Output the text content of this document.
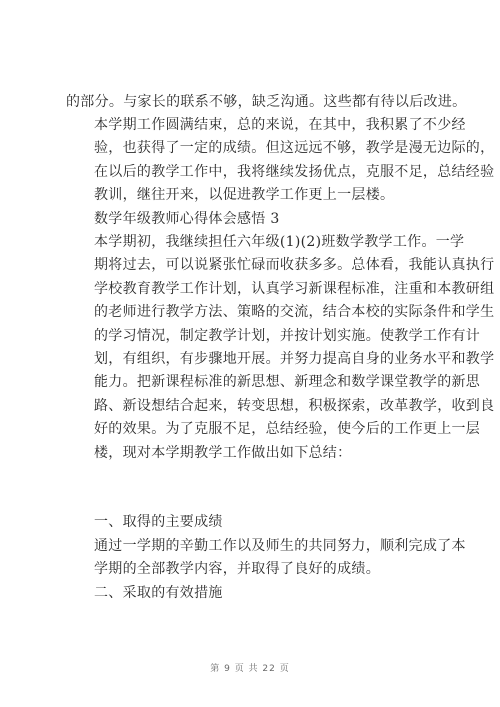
的部分。与家长的联系不够，缺乏沟通。这些都有待以后改进。
本学期工作圆满结束，总的来说，在其中，我积累了不少经
验，也获得了一定的成绩。但这远远不够，教学是漫无边际的，
在以后的教学工作中，我将继续发扬优点，克服不足，总结经验
教训，继往开来，以促进教学工作更上一层楼。
数学年级教师心得体会感悟 3
本学期初，我继续担任六年级(1)(2)班数学教学工作。一学
期将过去，可以说紧张忙碌而收获多多。总体看，我能认真执行
学校教育教学工作计划，认真学习新课程标准，注重和本教研组
的老师进行教学方法、策略的交流，结合本校的实际条件和学生
的学习情况，制定教学计划，并按计划实施。使教学工作有计
划，有组织，有步骤地开展。并努力提高自身的业务水平和教学
能力。把新课程标准的新思想、新理念和数学课堂教学的新思
路、新设想结合起来，转变思想，积极探索，改革教学，收到良
好的效果。为了克服不足，总结经验，使今后的工作更上一层
楼，现对本学期教学工作做出如下总结：
一、取得的主要成绩
通过一学期的辛勤工作以及师生的共同努力，顺利完成了本
学期的全部教学内容，并取得了良好的成绩。
二、采取的有效措施
第 9 页 共 22 页
